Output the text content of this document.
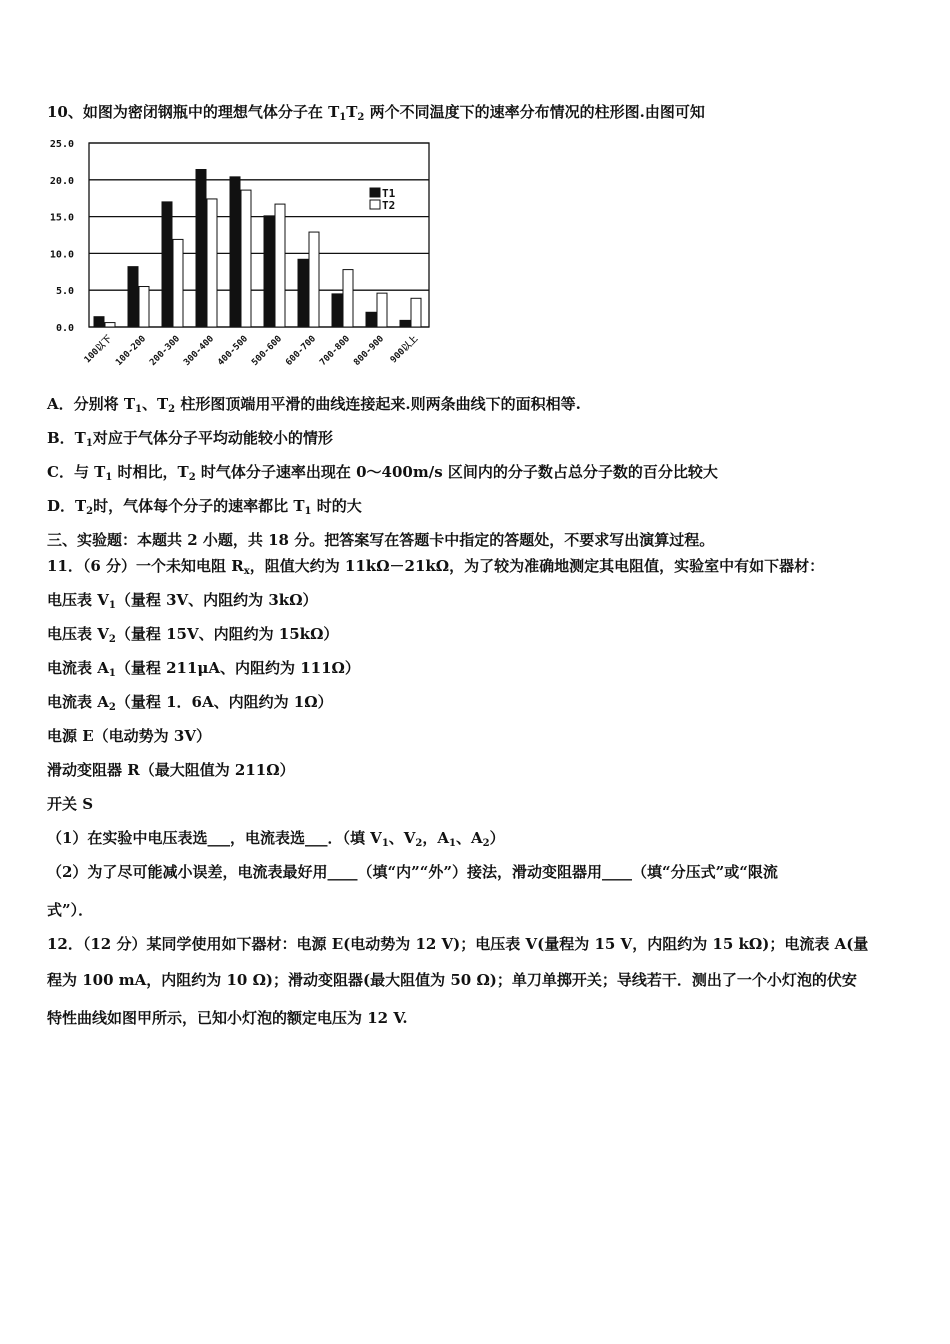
10、如图为密闭钢瓶中的理想气体分子在 $T_1T_2$ 两个不同温度下的速率分布情况的柱形图.由图可知
A．分别将 $T_1$、$T_2$ 柱形图顶端用平滑的曲线连接起来.则两条曲线下的面积相等.
B．$T_1$对应于气体分子平均动能较小的情形
C．与 $T_1$ 时相比，$T_2$ 时气体分子速率出现在 0～400m/s 区间内的分子数占总分子数的百分比较大
D．$T_2$时，气体每个分子的速率都比 $T_1$ 时的大
三、实验题：本题共 2 小题，共 18 分。把答案写在答题卡中指定的答题处，不要求写出演算过程。
11．（6 分）一个未知电阻 $R_x$，阻值大约为 11kΩ－21kΩ，为了较为准确地测定其电阻值，实验室中有如下器材：
电压表 $V_1$（量程 3V、内阻约为 3kΩ）
电压表 $V_2$（量程 15V、内阻约为 15kΩ）
电流表 $A_1$（量程 211μA、内阻约为 111Ω）
电流表 $A_2$（量程 1．6A、内阻约为 1Ω）
电源 E（电动势为 3V）
滑动变阻器 R（最大阻值为 211Ω）
开关 S
（1）在实验中电压表选___，电流表选___．（填 $V_1$、$V_2$，$A_1$、$A_2$）
（2）为了尽可能减小误差，电流表最好用____（填“内”“外”）接法，滑动变阻器用____（填“分压式”或“限流
式”）．
12．（12 分）某同学使用如下器材：电源 E(电动势为 12 V)；电压表 V(量程为 15 V，内阻约为 15 kΩ)；电流表 A(量
程为 100 mA，内阻约为 10 Ω)；滑动变阻器(最大阻值为 50 Ω)；单刀单掷开关；导线若干．测出了一个小灯泡的伏安
特性曲线如图甲所示，已知小灯泡的额定电压为 12 V.
0.0
5.0
10.0
15.0
20.0
25.0
100以下 100-200 200-300 300-400 400-500 500-600 600-700 700-800 800-900 900以上
T1
T2
